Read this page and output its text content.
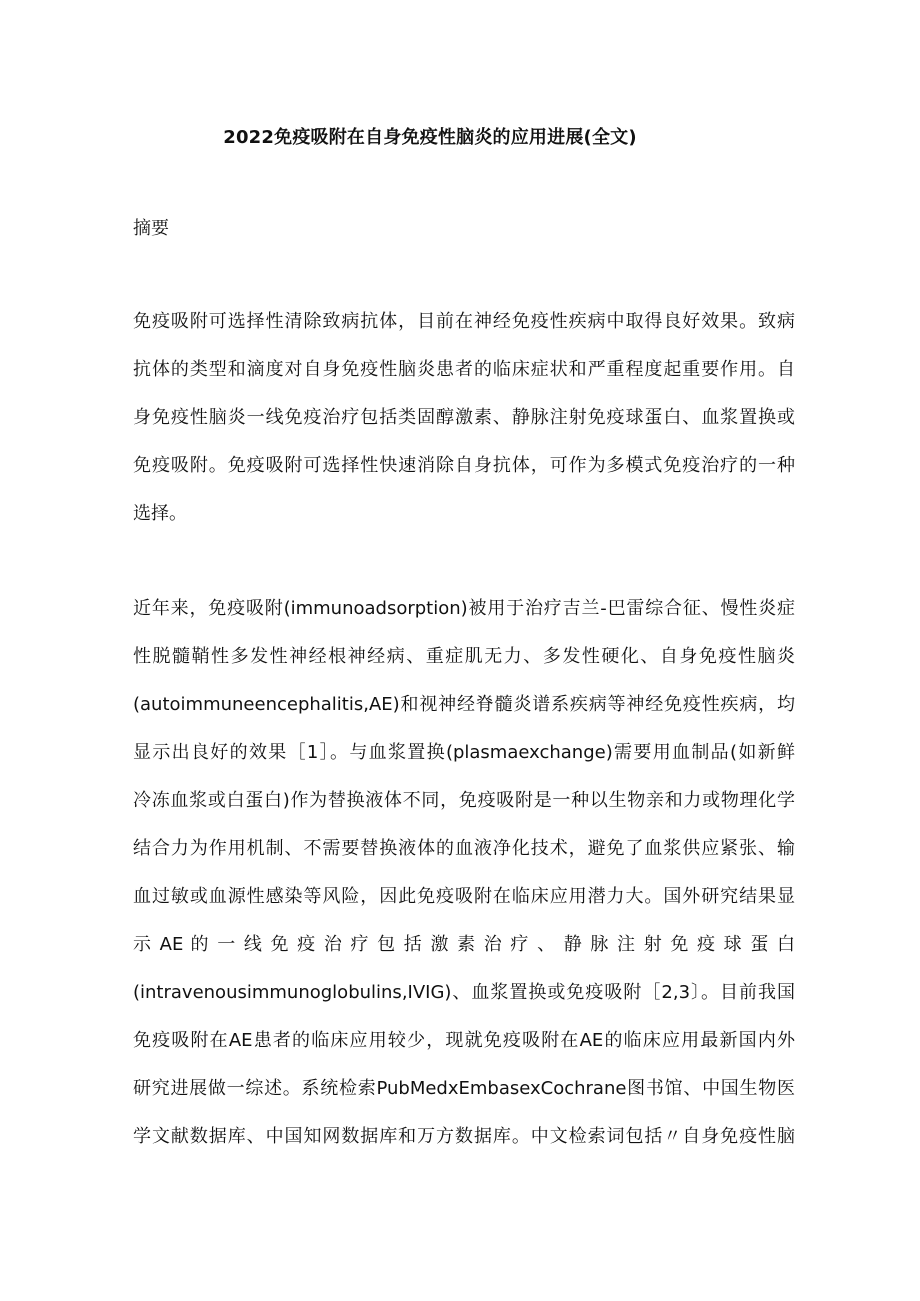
2022免疫吸附在自身免疫性脑炎的应用进展(全文)
摘要
免疫吸附可选择性清除致病抗体，目前在神经免疫性疾病中取得良好效果。致病
抗体的类型和滴度对自身免疫性脑炎患者的临床症状和严重程度起重要作用。自
身免疫性脑炎一线免疫治疗包括类固醇激素、静脉注射免疫球蛋白、血浆置换或
免疫吸附。免疫吸附可选择性快速消除自身抗体，可作为多模式免疫治疗的一种
选择。
近年来，免疫吸附(immunoadsorption)被用于治疗吉兰-巴雷综合征、慢性炎症
性脱髓鞘性多发性神经根神经病、重症肌无力、多发性硬化、自身免疫性脑炎
(autoimmuneencephalitis,AE)和视神经脊髓炎谱系疾病等神经免疫性疾病，均
显示出良好的效果［1］。与血浆置换(plasmaexchange)需要用血制品(如新鲜
冷冻血浆或白蛋白)作为替换液体不同，免疫吸附是一种以生物亲和力或物理化学
结合力为作用机制、不需要替换液体的血液净化技术，避免了血浆供应紧张、输
血过敏或血源性感染等风险，因此免疫吸附在临床应用潜力大。国外研究结果显
示 AE 的 一 线 免 疫 治 疗 包 括 激 素 治 疗 、 静 脉 注 射 免 疫 球 蛋 白
(intravenousimmunoglobulins,IVIG)、血浆置换或免疫吸附［2,3〕。目前我国
免疫吸附在AE患者的临床应用较少，现就免疫吸附在AE的临床应用最新国内外
研究进展做一综述。系统检索PubMedxEmbasexCochrane图书馆、中国生物医
学文献数据库、中国知网数据库和万方数据库。中文检索词包括〃自身免疫性脑
